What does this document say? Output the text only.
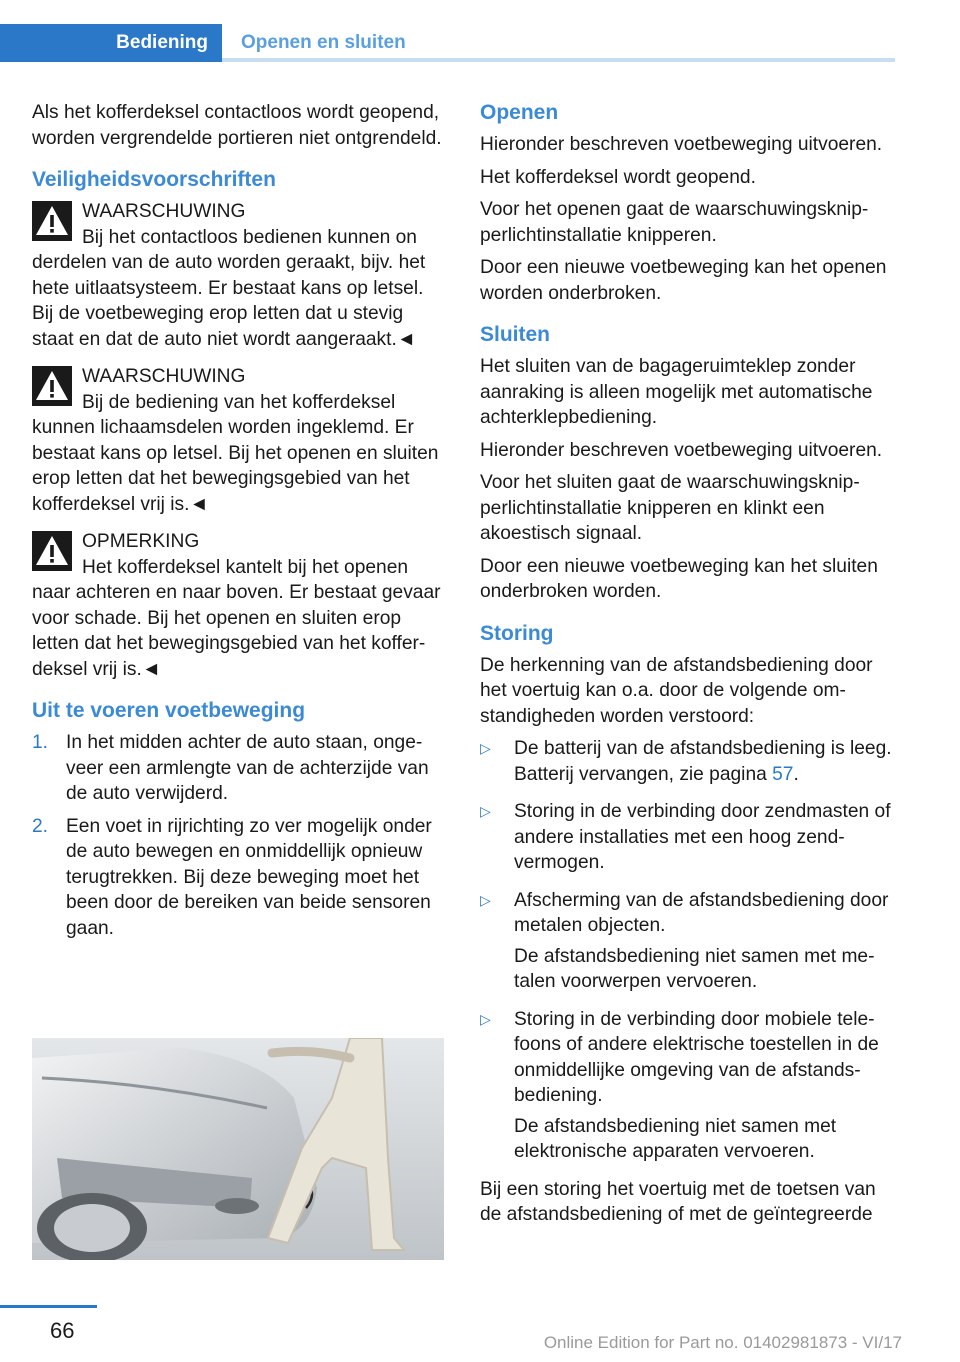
Bediening	Openen en sluiten

Als het kofferdeksel contactloos wordt geopend, worden vergrendelde portieren niet ontgrendeld.

Veiligheidsvoorschriften
WAARSCHUWING
Bij het contactloos bedienen kunnen on
derdelen van de auto worden geraakt, bijv. het hete uitlaatsysteem. Er bestaat kans op letsel. Bij de voetbeweging erop letten dat u stevig staat en dat de auto niet wordt aangeraakt.◄
WAARSCHUWING
Bij de bediening van het kofferdeksel
kunnen lichaamsdelen worden ingeklemd. Er bestaat kans op letsel. Bij het openen en sluiten erop letten dat het bewegingsgebied van het kofferdeksel vrij is.◄
OPMERKING
Het kofferdeksel kantelt bij het openen
naar achteren en naar boven. Er bestaat gevaar voor schade. Bij het openen en sluiten erop letten dat het bewegingsgebied van het kofferdeksel vrij is.◄
Uit te voeren voetbeweging
1. In het midden achter de auto staan, ongeveer een armlengte van de achterzijde van de auto verwijderd.
2. Een voet in rijrichting zo ver mogelijk onder de auto bewegen en onmiddellijk opnieuw terugtrekken. Bij deze beweging moet het been door de bereiken van beide sensoren gaan.
Openen

Hieronder beschreven voetbeweging uitvoeren.

Het kofferdeksel wordt geopend.

Voor het openen gaat de waarschuwingsknipperlichtinstallatie knipperen.

Door een nieuwe voetbeweging kan het openen worden onderbroken.

Sluiten

Het sluiten van de bagageruimteklep zonder aanraking is alleen mogelijk met automatische achterklepbediening.

Hieronder beschreven voetbeweging uitvoeren.

Voor het sluiten gaat de waarschuwingsknipperlichtinstallatie knipperen en klinkt een akoestisch signaal.

Door een nieuwe voetbeweging kan het sluiten onderbroken worden.

Storing

De herkenning van de afstandsbediening door het voertuig kan o.a. door de volgende omstandigheden worden verstoord:

▷	De batterij van de afstandsbediening is leeg. Batterij vervangen, zie pagina 57.

▷	Storing in de verbinding door zendmasten of andere installaties met een hoog zendvermogen.

▷	Afscherming van de afstandsbediening door metalen objecten.

De afstandsbediening niet samen met metalen voorwerpen vervoeren.

▷	Storing in de verbinding door mobiele telefoons of andere elektrische toestellen in de onmiddellijke omgeving van de afstandsbediening.

De afstandsbediening niet samen met elektronische apparaten vervoeren.

Bij een storing het voertuig met de toetsen van de afstandsbediening of met de geïntegreerde

66	Online Edition for Part no. 01402981873 - VI/17
